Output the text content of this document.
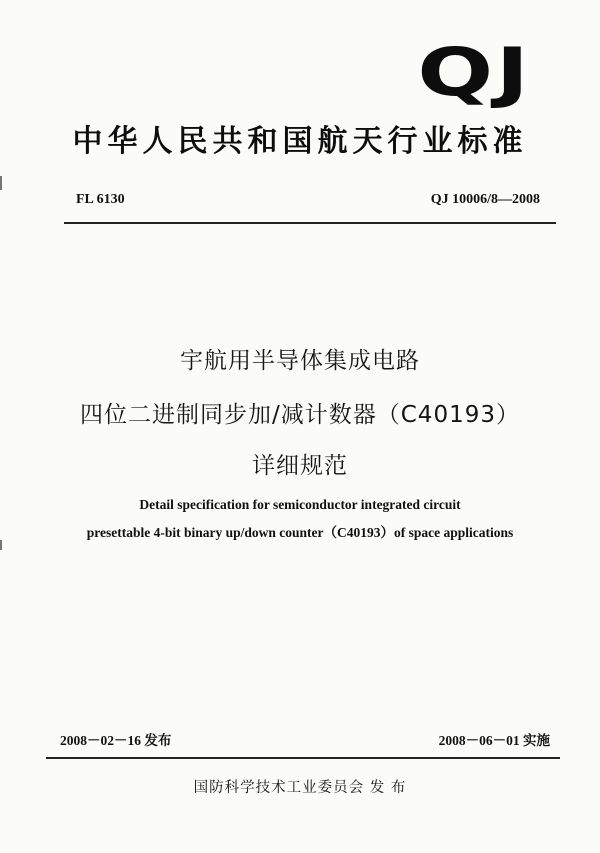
QJ
中华人民共和国航天行业标准
FL 6130	QJ 10006/8—2008
宇航用半导体集成电路
四位二进制同步加/减计数器（C40193）
详细规范
Detail specification for semiconductor integrated circuit
presettable 4-bit binary up/down counter（C40193）of space applications
2008－02－16 发布	2008－06－01 实施
国防科学技术工业委员会 发 布
